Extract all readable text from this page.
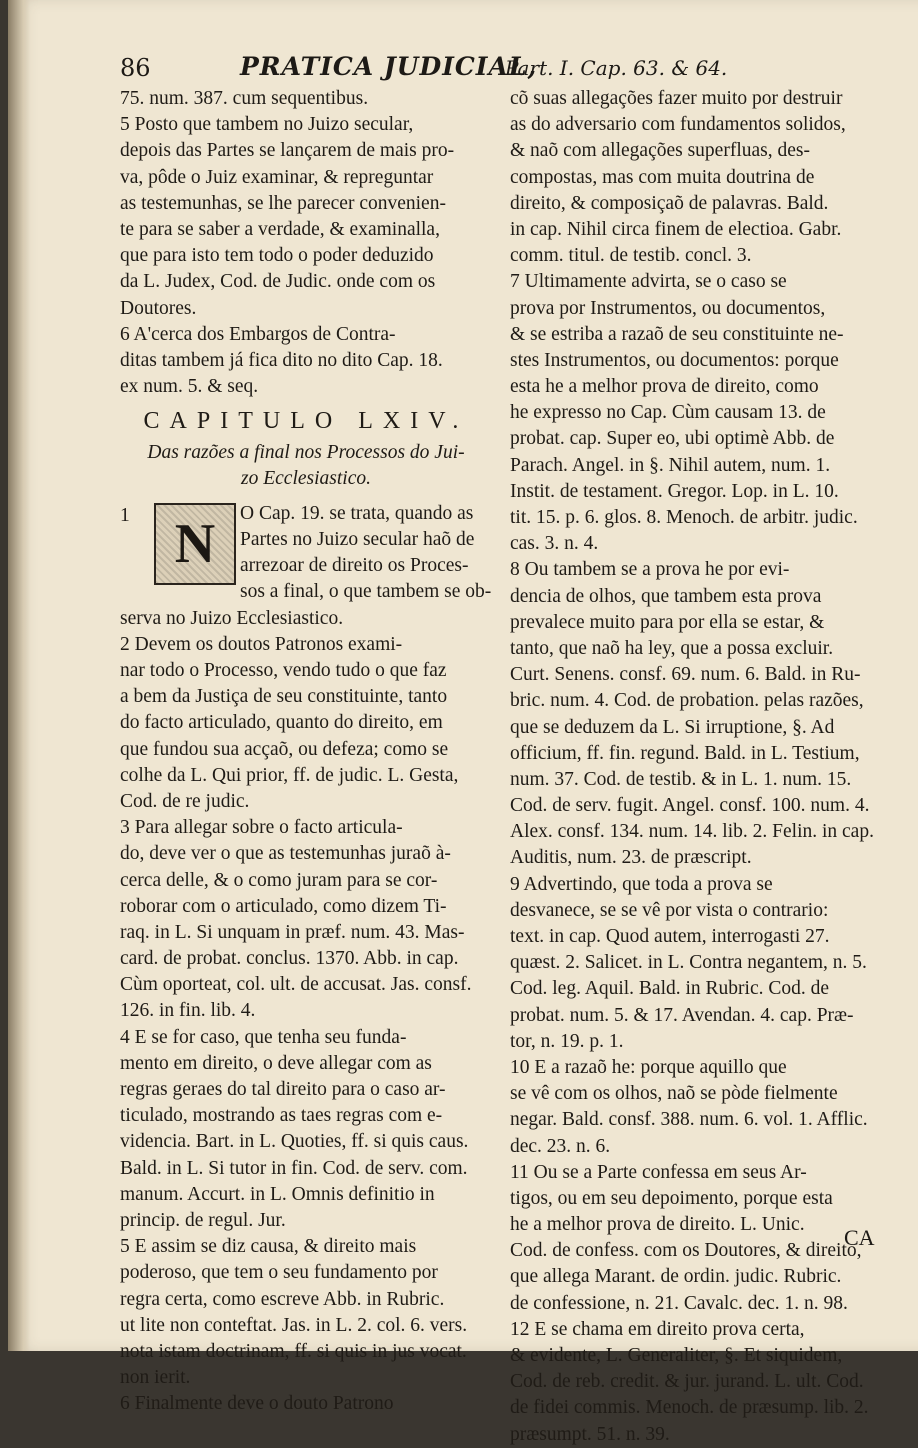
86	PRATICA JUDICIAL,
Part. I. Cap. 63. & 64.
75. num. 387. cum sequentibus.
5 Posto que tambem no Juizo secular,
depois das Partes se lançarem de mais pro-
va, pôde o Juiz examinar, & repreguntar
as testemunhas, se lhe parecer convenien-
te para se saber a verdade, & examinalla,
que para isto tem todo o poder deduzido
da L. Judex, Cod. de Judic. onde com os
Doutores.
6 A'cerca dos Embargos de Contra-
ditas tambem já fica dito no dito Cap. 18.
ex num. 5. & seq.
CAPITULO LXIV.
Das razões a final nos Processos do Jui-
zo Ecclesiastico.
1 N O Cap. 19. se trata, quando as
Partes no Juizo secular haõ de
arrezoar de direito os Proces-
sos a final, o que tambem se ob-
serva no Juizo Ecclesiastico.
2 Devem os doutos Patronos exami-
nar todo o Processo, vendo tudo o que faz
a bem da Justiça de seu constituinte, tanto
do facto articulado, quanto do direito, em
que fundou sua acçaõ, ou defeza; como se
colhe da L. Qui prior, ff. de judic. L. Gesta,
Cod. de re judic.
3 Para allegar sobre o facto articula-
do, deve ver o que as testemunhas juraõ à-
cerca delle, & o como juram para se cor-
roborar com o articulado, como dizem Ti-
raq. in L. Si unquam in præf. num. 43. Mas-
card. de probat. conclus. 1370. Abb. in cap.
Cùm oporteat, col. ult. de accusat. Jas. consf.
126. in fin. lib. 4.
4 E se for caso, que tenha seu funda-
mento em direito, o deve allegar com as
regras geraes do tal direito para o caso ar-
ticulado, mostrando as taes regras com e-
videncia. Bart. in L. Quoties, ff. si quis caus.
Bald. in L. Si tutor in fin. Cod. de serv. com.
manum. Accurt. in L. Omnis definitio in
princip. de regul. Jur.
5 E assim se diz causa, & direito mais
poderoso, que tem o seu fundamento por
regra certa, como escreve Abb. in Rubric.
ut lite non conteftat. Jas. in L. 2. col. 6. vers.
nota istam doctrinam, ff. si quis in jus vocat.
non ierit.
6 Finalmente deve o douto Patrono
cõ suas allegações fazer muito por destruir
as do adversario com fundamentos solidos,
& naõ com allegações superfluas, des-
compostas, mas com muita doutrina de
direito, & composiçaõ de palavras. Bald.
in cap. Nihil circa finem de electioa. Gabr.
comm. titul. de testib. concl. 3.
7 Ultimamente advirta, se o caso se
prova por Instrumentos, ou documentos,
& se estriba a razaõ de seu constituinte ne-
stes Instrumentos, ou documentos: porque
esta he a melhor prova de direito, como
he expresso no Cap. Cùm causam 13. de
probat. cap. Super eo, ubi optimè Abb. de
Parach. Angel. in §. Nihil autem, num. 1.
Instit. de testament. Gregor. Lop. in L. 10.
tit. 15. p. 6. glos. 8. Menoch. de arbitr. judic.
cas. 3. n. 4.
8 Ou tambem se a prova he por evi-
dencia de olhos, que tambem esta prova
prevalece muito para por ella se estar, &
tanto, que naõ ha ley, que a possa excluir.
Curt. Senens. consf. 69. num. 6. Bald. in Ru-
bric. num. 4. Cod. de probation. pelas razões,
que se deduzem da L. Si irruptione, §. Ad
officium, ff. fin. regund. Bald. in L. Testium,
num. 37. Cod. de testib. & in L. 1. num. 15.
Cod. de serv. fugit. Angel. consf. 100. num. 4.
Alex. consf. 134. num. 14. lib. 2. Felin. in cap.
Auditis, num. 23. de præscript.
9 Advertindo, que toda a prova se
desvanece, se se vê por vista o contrario:
text. in cap. Quod autem, interrogasti 27.
quæst. 2. Salicet. in L. Contra negantem, n. 5.
Cod. leg. Aquil. Bald. in Rubric. Cod. de
probat. num. 5. & 17. Avendan. 4. cap. Præ-
tor, n. 19. p. 1.
10 E a razaõ he: porque aquillo que
se vê com os olhos, naõ se pòde fielmente
negar. Bald. consf. 388. num. 6. vol. 1. Afflic.
dec. 23. n. 6.
11 Ou se a Parte confessa em seus Ar-
tigos, ou em seu depoimento, porque esta
he a melhor prova de direito. L. Unic.
Cod. de confess. com os Doutores, & direito,
que allega Marant. de ordin. judic. Rubric.
de confessione, n. 21. Cavalc. dec. 1. n. 98.
12 E se chama em direito prova certa,
& evidente, L. Generaliter, §. Et siquidem,
Cod. de reb. credit. & jur. jurand. L. ult. Cod.
de fidei commis. Menoch. de præsump. lib. 2.
præsumpt. 51. n. 39.
CA
